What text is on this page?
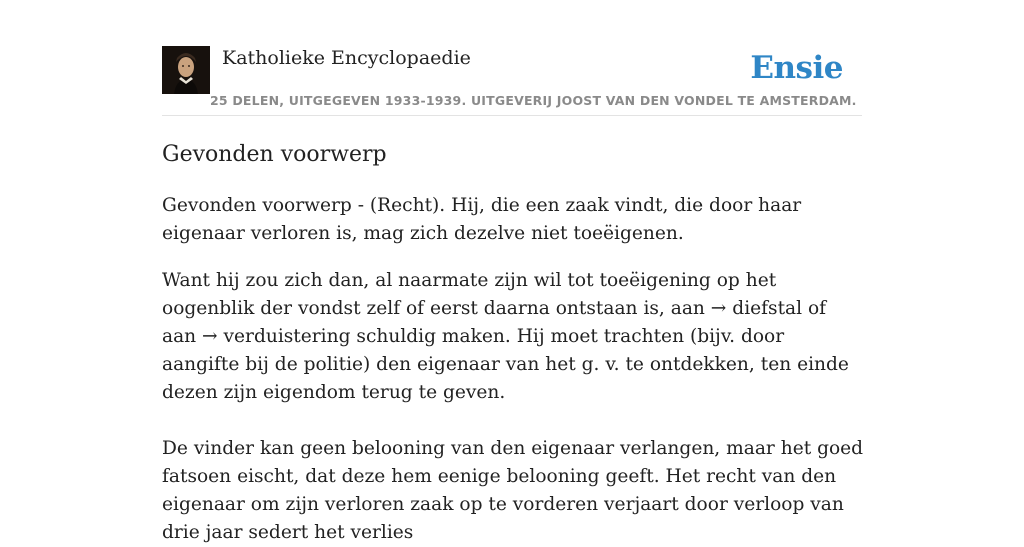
Katholieke Encyclopaedie
25 DELEN, UITGEGEVEN 1933-1939. UITGEVERIJ JOOST VAN DEN VONDEL TE AMSTERDAM.
Ensie
Gevonden voorwerp

Gevonden voorwerp - (Recht). Hij, die een zaak vindt, die door haar eigenaar verloren is, mag zich dezelve niet toeëigenen.

Want hij zou zich dan, al naarmate zijn wil tot toeëigening op het oogenblik der vondst zelf of eerst daarna ontstaan is, aan → diefstal of aan → verduistering schuldig maken. Hij moet trachten (bijv. door aangifte bij de politie) den eigenaar van het g. v. te ontdekken, ten einde dezen zijn eigendom terug te geven.

De vinder kan geen belooning van den eigenaar verlangen, maar het goed fatsoen eischt, dat deze hem eenige belooning geeft. Het recht van den eigenaar om zijn verloren zaak op te vorderen verjaart door verloop van drie jaar sedert het verlies
